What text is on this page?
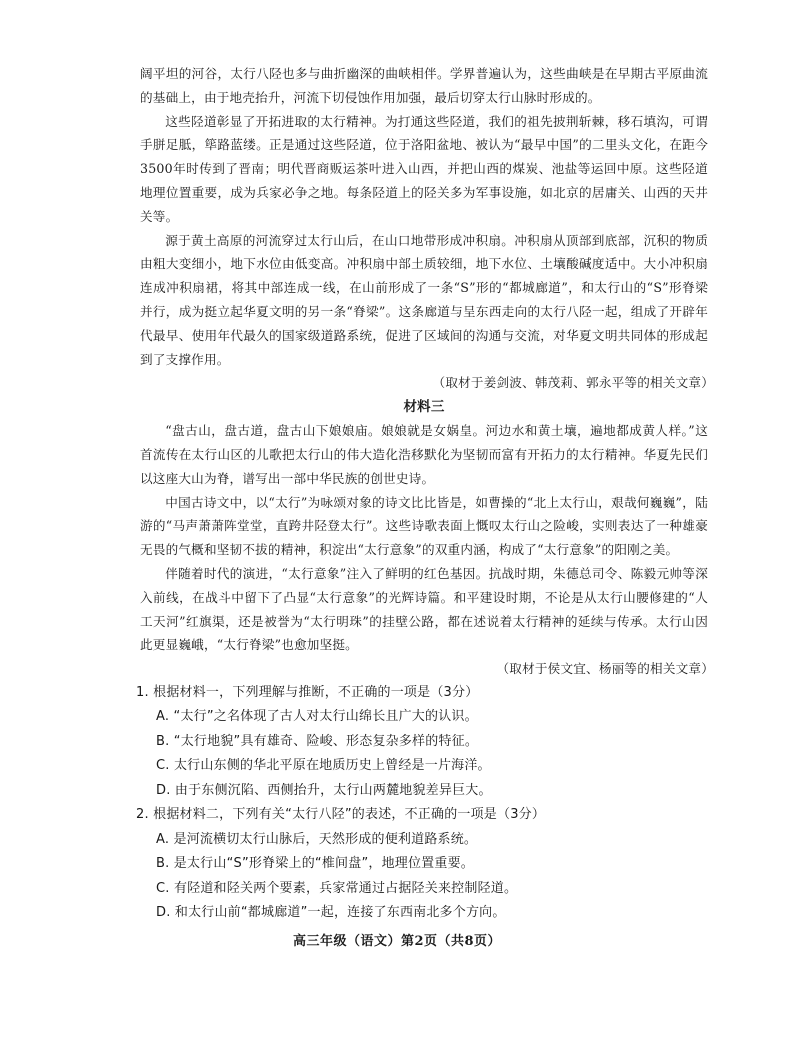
阔平坦的河谷，太行八陉也多与曲折幽深的曲峡相伴。学界普遍认为，这些曲峡是在早期古平原曲流的基础上，由于地壳抬升，河流下切侵蚀作用加强，最后切穿太行山脉时形成的。

这些陉道彰显了开拓进取的太行精神。为打通这些陉道，我们的祖先披荆斩棘，移石填沟，可谓手胼足胝，筚路蓝缕。正是通过这些陉道，位于洛阳盆地、被认为“最早中国”的二里头文化，在距今3500年时传到了晋南；明代晋商贩运茶叶进入山西，并把山西的煤炭、池盐等运回中原。这些陉道地理位置重要，成为兵家必争之地。每条陉道上的陉关多为军事设施，如北京的居庸关、山西的天井关等。

源于黄土高原的河流穿过太行山后，在山口地带形成冲积扇。冲积扇从顶部到底部，沉积的物质由粗大变细小，地下水位由低变高。冲积扇中部土质较细，地下水位、土壤酸碱度适中。大小冲积扇连成冲积扇裙，将其中部连成一线，在山前形成了一条“S”形的“都城廊道”，和太行山的“S”形脊梁并行，成为挺立起华夏文明的另一条“脊梁”。这条廊道与呈东西走向的太行八陉一起，组成了开辟年代最早、使用年代最久的国家级道路系统，促进了区域间的沟通与交流，对华夏文明共同体的形成起到了支撑作用。

（取材于姜剑波、韩茂莉、郭永平等的相关文章）

材料三

“盘古山，盘古道，盘古山下娘娘庙。娘娘就是女娲皇。河边水和黄土壤，遍地都成黄人样。”这首流传在太行山区的儿歌把太行山的伟大造化浩移默化为坚韧而富有开拓力的太行精神。华夏先民们以这座大山为脊，谱写出一部中华民族的创世史诗。

中国古诗文中，以“太行”为咏颂对象的诗文比比皆是，如曹操的“北上太行山，艰哉何巍巍”，陆游的“马声萧萧阵堂堂，直跨井陉登太行”。这些诗歌表面上慨叹太行山之险峻，实则表达了一种雄豪无畏的气概和坚韧不拔的精神，积淀出“太行意象”的双重内涵，构成了“太行意象”的阳刚之美。

伴随着时代的演进，“太行意象”注入了鲜明的红色基因。抗战时期，朱德总司令、陈毅元帅等深入前线，在战斗中留下了凸显“太行意象”的光辉诗篇。和平建设时期，不论是从太行山腰修建的“人工天河”红旗渠，还是被誉为“太行明珠”的挂壁公路，都在述说着太行精神的延续与传承。太行山因此更显巍峨，“太行脊梁”也愈加坚挺。

（取材于侯文宜、杨丽等的相关文章）

1. 根据材料一，下列理解与推断，不正确的一项是（3分）

A. “太行”之名体现了古人对太行山绵长且广大的认识。

B. “太行地貌”具有雄奇、险峻、形态复杂多样的特征。

C. 太行山东侧的华北平原在地质历史上曾经是一片海洋。

D. 由于东侧沉陷、西侧抬升，太行山两麓地貌差异巨大。

2. 根据材料二，下列有关“太行八陉”的表述，不正确的一项是（3分）

A. 是河流横切太行山脉后，天然形成的便利道路系统。

B. 是太行山“S”形脊梁上的“椎间盘”，地理位置重要。

C. 有陉道和陉关两个要素，兵家常通过占据陉关来控制陉道。

D. 和太行山前“都城廊道”一起，连接了东西南北多个方向。

高三年级（语文）第2页（共8页）
